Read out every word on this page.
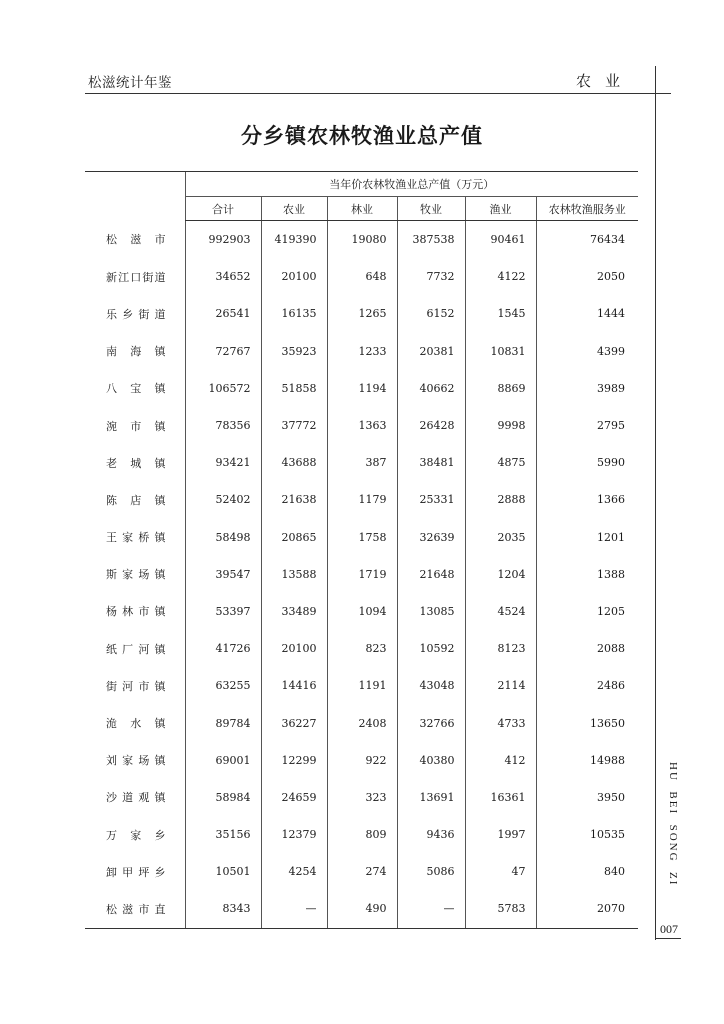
松滋统计年鉴	农业
分乡镇农林牧渔业总产值
	当年价农林牧渔业总产值（万元）					
	合计	农业	林业	牧业	渔业	农林牧渔服务业
松滋市	992903	419390	19080	387538	90461	76434
新江口街道	34652	20100	648	7732	4122	2050
乐乡街道	26541	16135	1265	6152	1545	1444
南海镇	72767	35923	1233	20381	10831	4399
八宝镇	106572	51858	1194	40662	8869	3989
涴市镇	78356	37772	1363	26428	9998	2795
老城镇	93421	43688	387	38481	4875	5990
陈店镇	52402	21638	1179	25331	2888	1366
王家桥镇	58498	20865	1758	32639	2035	1201
斯家场镇	39547	13588	1719	21648	1204	1388
杨林市镇	53397	33489	1094	13085	4524	1205
纸厂河镇	41726	20100	823	10592	8123	2088
街河市镇	63255	14416	1191	43048	2114	2486
洈水镇	89784	36227	2408	32766	4733	13650
刘家场镇	69001	12299	922	40380	412	14988
沙道观镇	58984	24659	323	13691	16361	3950
万家乡	35156	12379	809	9436	1997	10535
卸甲坪乡	10501	4254	274	5086	47	840
松滋市直	8343	—	490	—	5783	2070
HU  BEI  SONG  ZI
007
